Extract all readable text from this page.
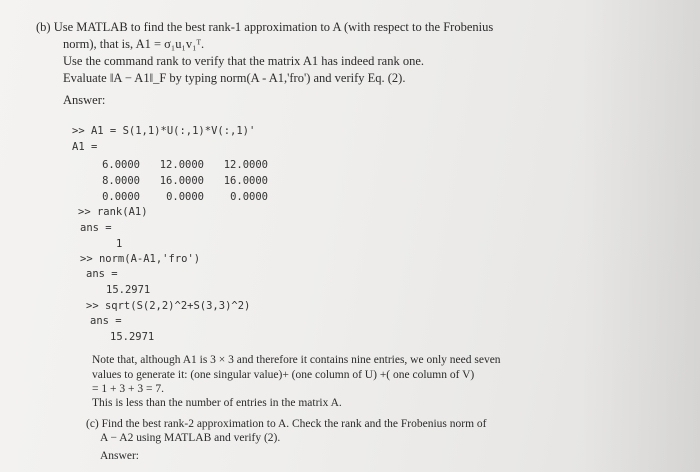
(b) Use MATLAB to find the best rank-1 approximation to A (with respect to the Frobenius
norm), that is, A1 = σ₁u₁v₁ᵀ.
Use the command rank to verify that the matrix A1 has indeed rank one.
Evaluate ‖A − A1‖_F by typing norm(A - A1,'fro') and verify Eq. (2).
Answer:
>> A1 = S(1,1)*U(:,1)*V(:,1)'
A1 =
6.0000	12.0000	12.0000
8.0000	16.0000	16.0000
0.0000	0.0000	0.0000
>> rank(A1)
ans =
1
>> norm(A-A1,'fro')
ans =
15.2971
>> sqrt(S(2,2)^2+S(3,3)^2)
ans =
15.2971
Note that, although A1 is 3 × 3 and therefore it contains nine entries, we only need seven
values to generate it: (one singular value)+ (one column of U) +( one column of V)
= 1 + 3 + 3 = 7.
This is less than the number of entries in the matrix A.
(c) Find the best rank-2 approximation to A. Check the rank and the Frobenius norm of
A − A2 using MATLAB and verify (2).
Answer:
